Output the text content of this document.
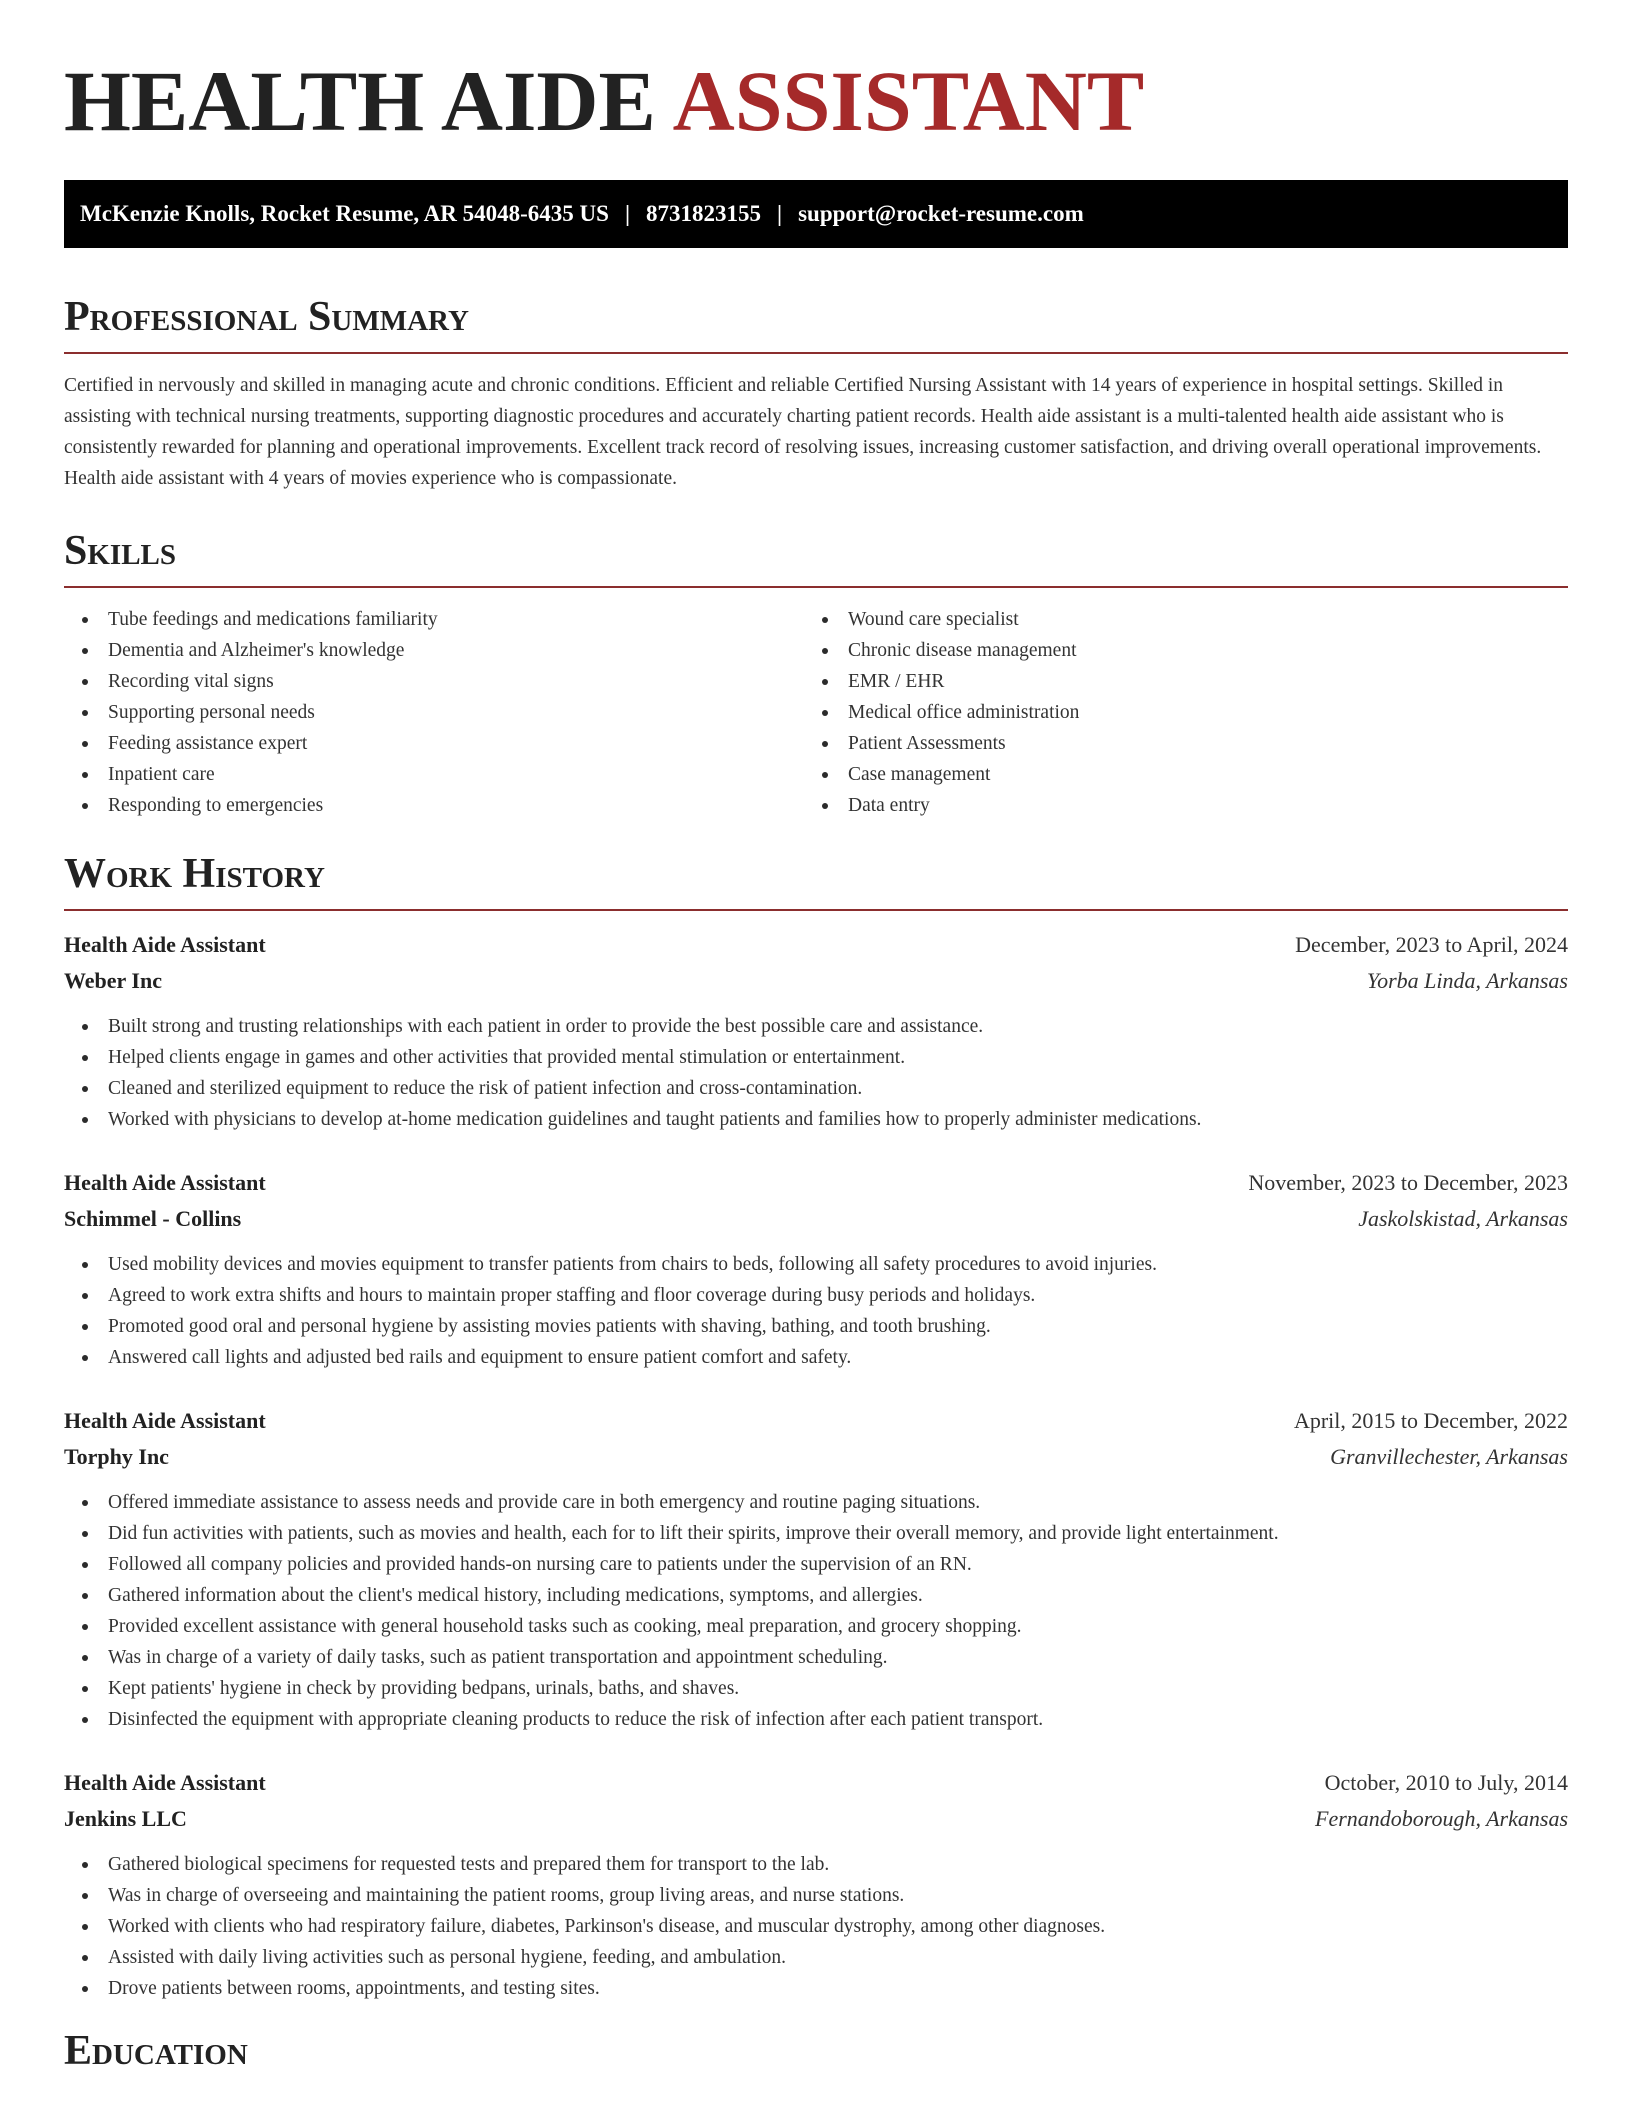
HEALTH AIDE ASSISTANT
McKenzie Knolls, Rocket Resume, AR 54048-6435 US | 8731823155 | support@rocket-resume.com
Professional Summary

Certified in nervously and skilled in managing acute and chronic conditions. Efficient and reliable Certified Nursing Assistant with 14 years of experience in hospital settings. Skilled in assisting with technical nursing treatments, supporting diagnostic procedures and accurately charting patient records. Health aide assistant is a multi-talented health aide assistant who is consistently rewarded for planning and operational improvements. Excellent track record of resolving issues, increasing customer satisfaction, and driving overall operational improvements. Health aide assistant with 4 years of movies experience who is compassionate.

Skills
Tube feedings and medications familiarity
Dementia and Alzheimer's knowledge
Recording vital signs
Supporting personal needs
Feeding assistance expert
Inpatient care
Responding to emergencies
Wound care specialist
Chronic disease management
EMR / EHR
Medical office administration
Patient Assessments
Case management
Data entry
Work History
Health Aide Assistant	December, 2023 to April, 2024
Weber Inc	Yorba Linda, Arkansas
Built strong and trusting relationships with each patient in order to provide the best possible care and assistance.
Helped clients engage in games and other activities that provided mental stimulation or entertainment.
Cleaned and sterilized equipment to reduce the risk of patient infection and cross-contamination.
Worked with physicians to develop at-home medication guidelines and taught patients and families how to properly administer medications.
Health Aide Assistant	November, 2023 to December, 2023
Schimmel - Collins	Jaskolskistad, Arkansas
Used mobility devices and movies equipment to transfer patients from chairs to beds, following all safety procedures to avoid injuries.
Agreed to work extra shifts and hours to maintain proper staffing and floor coverage during busy periods and holidays.
Promoted good oral and personal hygiene by assisting movies patients with shaving, bathing, and tooth brushing.
Answered call lights and adjusted bed rails and equipment to ensure patient comfort and safety.
Health Aide Assistant	April, 2015 to December, 2022
Torphy Inc	Granvillechester, Arkansas
Offered immediate assistance to assess needs and provide care in both emergency and routine paging situations.
Did fun activities with patients, such as movies and health, each for to lift their spirits, improve their overall memory, and provide light entertainment.
Followed all company policies and provided hands-on nursing care to patients under the supervision of an RN.
Gathered information about the client's medical history, including medications, symptoms, and allergies.
Provided excellent assistance with general household tasks such as cooking, meal preparation, and grocery shopping.
Was in charge of a variety of daily tasks, such as patient transportation and appointment scheduling.
Kept patients' hygiene in check by providing bedpans, urinals, baths, and shaves.
Disinfected the equipment with appropriate cleaning products to reduce the risk of infection after each patient transport.
Health Aide Assistant	October, 2010 to July, 2014
Jenkins LLC	Fernandoborough, Arkansas
Gathered biological specimens for requested tests and prepared them for transport to the lab.
Was in charge of overseeing and maintaining the patient rooms, group living areas, and nurse stations.
Worked with clients who had respiratory failure, diabetes, Parkinson's disease, and muscular dystrophy, among other diagnoses.
Assisted with daily living activities such as personal hygiene, feeding, and ambulation.
Drove patients between rooms, appointments, and testing sites.
Education
